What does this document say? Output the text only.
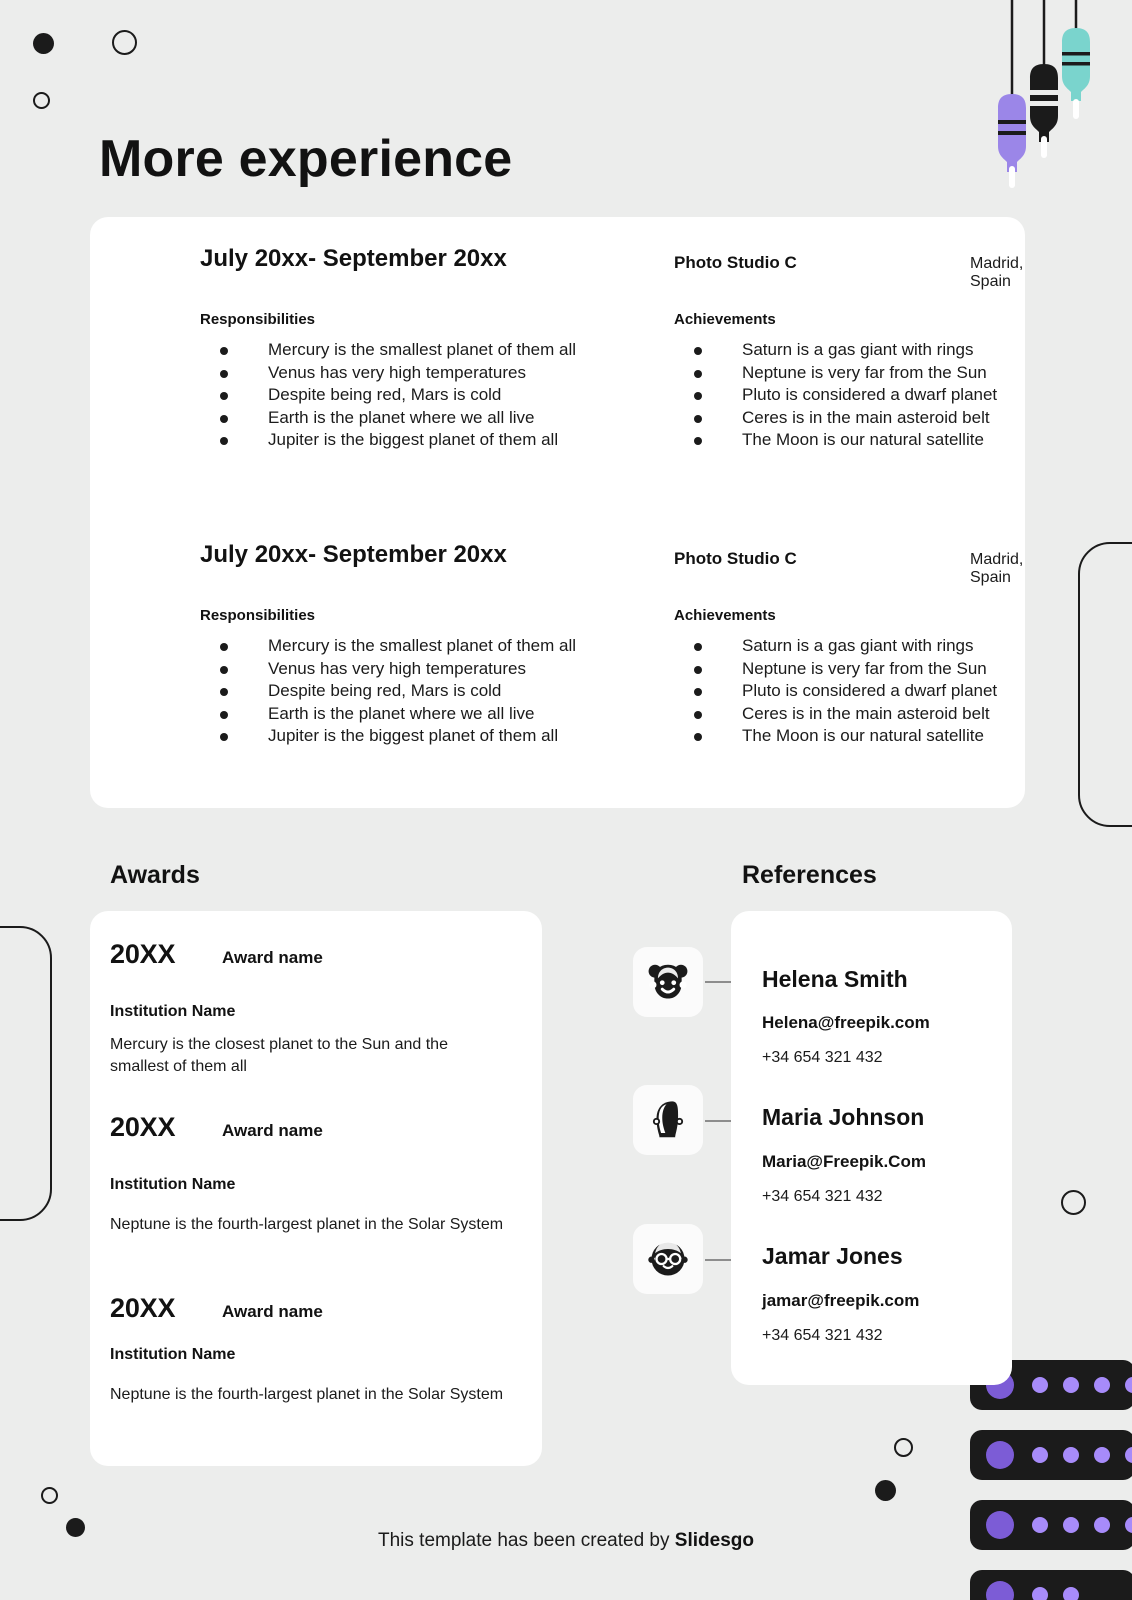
More experience
July 20xx- September 20xx	Photo Studio C	Madrid, Spain
Responsibilities	Achievements
Mercury is the smallest planet of them all
Venus has very high temperatures
Despite being red, Mars is cold
Earth is the planet where we all live
Jupiter is the biggest planet of them all
Saturn is a gas giant with rings
Neptune is very far from the Sun
Pluto is considered a dwarf planet
Ceres is in the main asteroid belt
The Moon is our natural satellite
July 20xx- September 20xx	Photo Studio C	Madrid, Spain
Responsibilities	Achievements
Mercury is the smallest planet of them all
Venus has very high temperatures
Despite being red, Mars is cold
Earth is the planet where we all live
Jupiter is the biggest planet of them all
Saturn is a gas giant with rings
Neptune is very far from the Sun
Pluto is considered a dwarf planet
Ceres is in the main asteroid belt
The Moon is our natural satellite
Awards
20XX	Award name
Institution Name
Mercury is the closest planet to the Sun and the smallest of them all
20XX	Award name
Institution Name
Neptune is the fourth-largest planet in the Solar System
20XX	Award name
Institution Name
Neptune is the fourth-largest planet in the Solar System
References
Helena Smith
Helena@freepik.com
+34 654 321 432
Maria Johnson
Maria@Freepik.Com
+34 654 321 432
Jamar Jones
jamar@freepik.com
+34 654 321 432
This template has been created by Slidesgo
